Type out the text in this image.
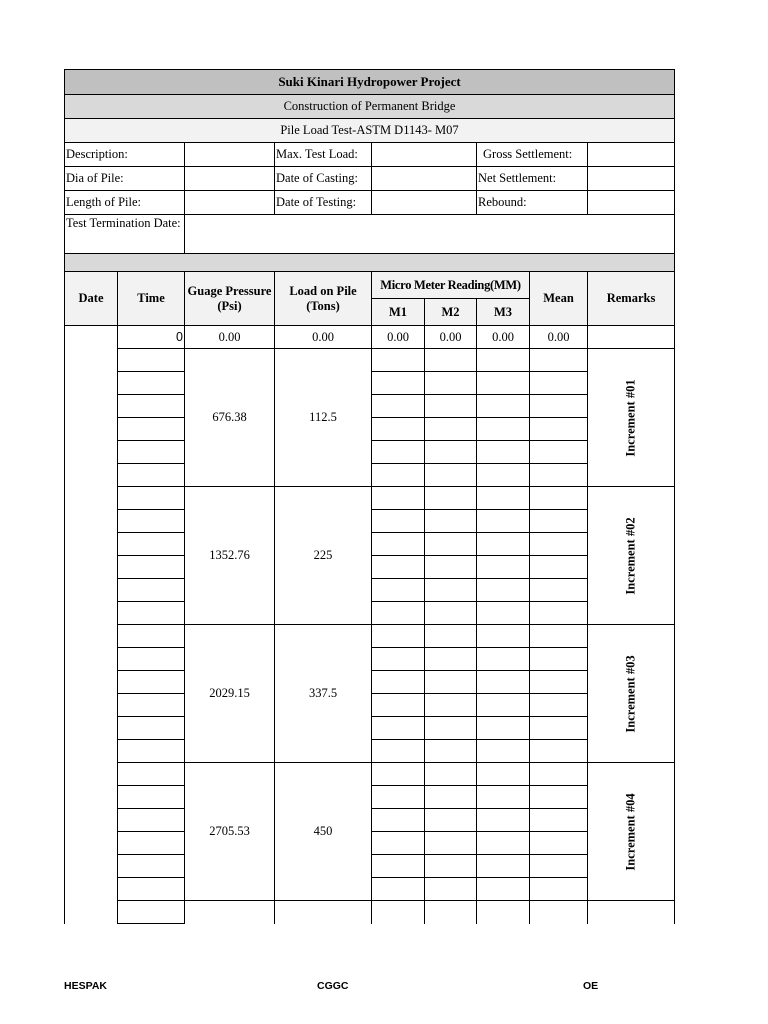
Suki Kinari Hydropower Project								
Construction of Permanent Bridge								
Pile Load Test-ASTM D1143- M07								
Description:			Max. Test Load:			Gross Settlement:		
Dia of Pile:			Date of Casting:			Net Settlement:		
Length of Pile:			Date of Testing:			Rebound:		
Test Termination Date:								

Date	Time	Guage Pressure (Psi)	Load on Pile (Tons)	Micro Meter Reading(MM)			Mean	Remarks
				M1	M2	M3		
	0	0.00	0.00	0.00	0.00	0.00	0.00	
		676.38	112.5					Increment #01

		1352.76	225					Increment #02

		2029.15	337.5					Increment #03

		2705.53	450					Increment #04

HESPAK	CGGC	OE
